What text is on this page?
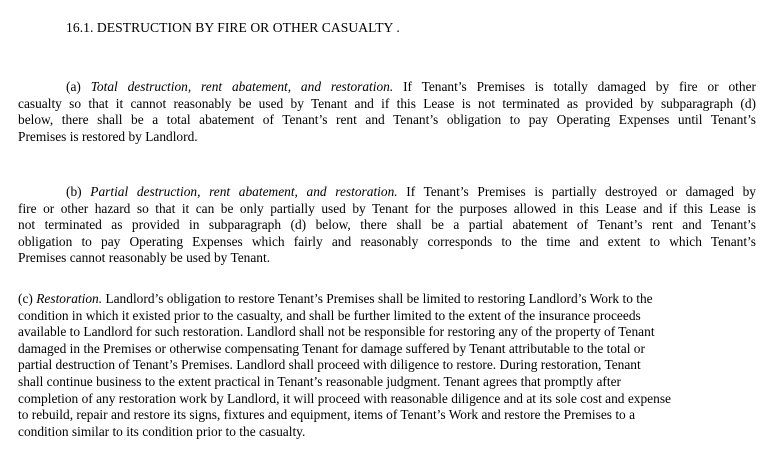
16.1. DESTRUCTION BY FIRE OR OTHER CASUALTY .
(a) Total destruction, rent abatement, and restoration. If Tenant’s Premises is totally damaged by fire or other
casualty so that it cannot reasonably be used by Tenant and if this Lease is not terminated as provided by subparagraph (d)
below, there shall be a total abatement of Tenant’s rent and Tenant’s obligation to pay Operating Expenses until Tenant’s
Premises is restored by Landlord.
(b) Partial destruction, rent abatement, and restoration. If Tenant’s Premises is partially destroyed or damaged by
fire or other hazard so that it can be only partially used by Tenant for the purposes allowed in this Lease and if this Lease is
not terminated as provided in subparagraph (d) below, there shall be a partial abatement of Tenant’s rent and Tenant’s
obligation to pay Operating Expenses which fairly and reasonably corresponds to the time and extent to which Tenant’s
Premises cannot reasonably be used by Tenant.
(c) Restoration. Landlord’s obligation to restore Tenant’s Premises shall be limited to restoring Landlord’s Work to the
condition in which it existed prior to the casualty, and shall be further limited to the extent of the insurance proceeds
available to Landlord for such restoration. Landlord shall not be responsible for restoring any of the property of Tenant
damaged in the Premises or otherwise compensating Tenant for damage suffered by Tenant attributable to the total or
partial destruction of Tenant’s Premises. Landlord shall proceed with diligence to restore. During restoration, Tenant
shall continue business to the extent practical in Tenant’s reasonable judgment. Tenant agrees that promptly after
completion of any restoration work by Landlord, it will proceed with reasonable diligence and at its sole cost and expense
to rebuild, repair and restore its signs, fixtures and equipment, items of Tenant’s Work and restore the Premises to a
condition similar to its condition prior to the casualty.
